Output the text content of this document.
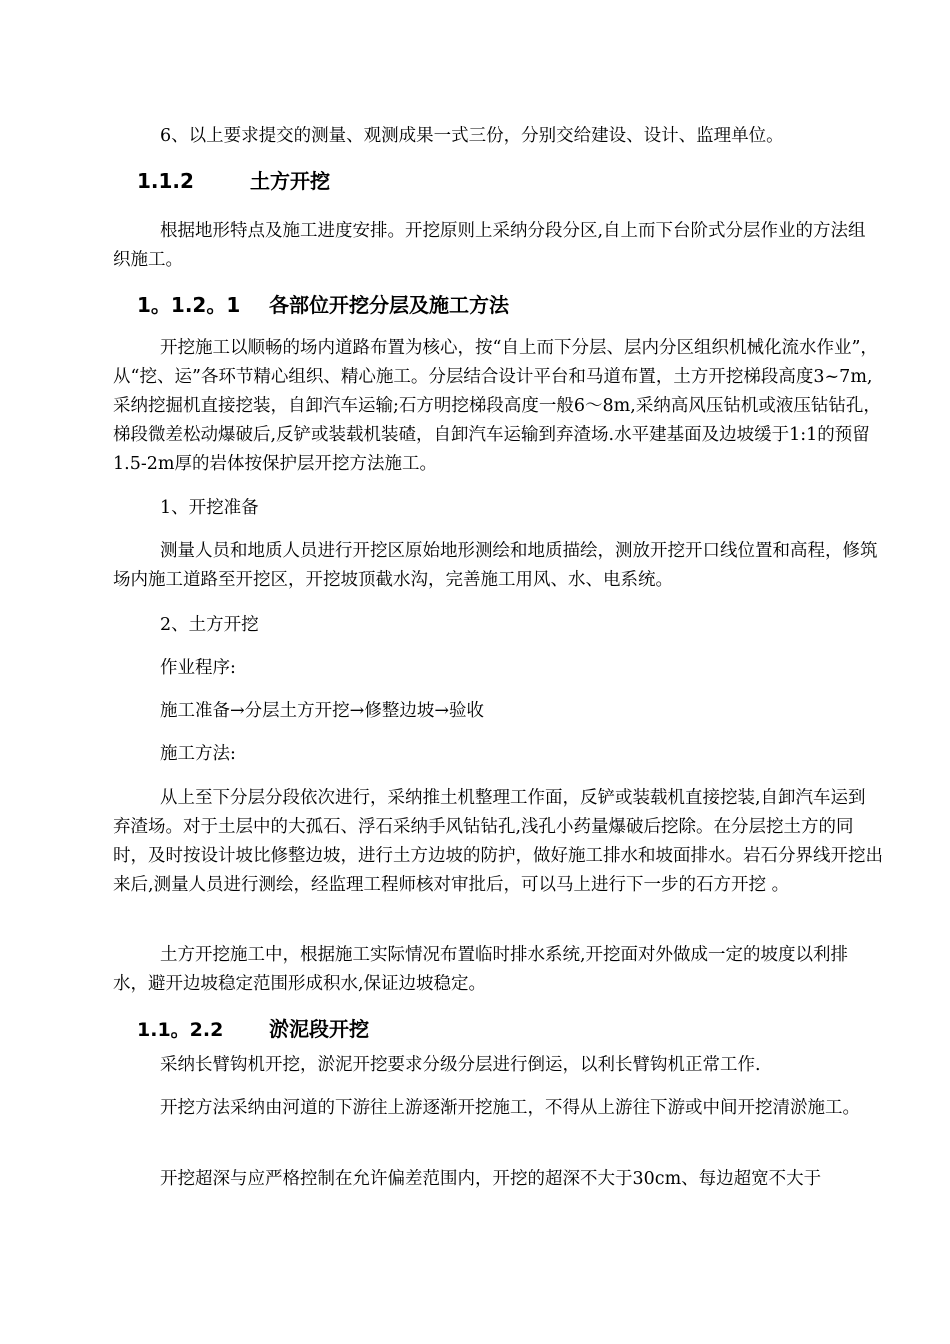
6、以上要求提交的测量、观测成果一式三份，分别交给建设、设计、监理单位。

1.1.2	土方开挖

根据地形特点及施工进度安排。开挖原则上采纳分段分区,自上而下台阶式分层作业的方法组织施工。

1。1.2。1 各部位开挖分层及施工方法

开挖施工以顺畅的场内道路布置为核心，按“自上而下分层、层内分区组织机械化流水作业”，从“挖、运”各环节精心组织、精心施工。分层结合设计平台和马道布置，土方开挖梯段高度3~7m,采纳挖掘机直接挖装，自卸汽车运输;石方明挖梯段高度一般6～8m,采纳高风压钻机或液压钻钻孔，梯段微差松动爆破后,反铲或装载机装碴，自卸汽车运输到弃渣场.水平建基面及边坡缓于1:1的预留1.5-2m厚的岩体按保护层开挖方法施工。

1、开挖准备

测量人员和地质人员进行开挖区原始地形测绘和地质描绘，测放开挖开口线位置和高程，修筑场内施工道路至开挖区，开挖坡顶截水沟，完善施工用风、水、电系统。

2、土方开挖

作业程序:

施工准备→分层土方开挖→修整边坡→验收

施工方法:

从上至下分层分段依次进行，采纳推土机整理工作面，反铲或装载机直接挖装,自卸汽车运到弃渣场。对于土层中的大孤石、浮石采纳手风钻钻孔,浅孔小药量爆破后挖除。在分层挖土方的同时，及时按设计坡比修整边坡，进行土方边坡的防护，做好施工排水和坡面排水。岩石分界线开挖出来后,测量人员进行测绘，经监理工程师核对审批后，可以马上进行下一步的石方开挖 。

土方开挖施工中，根据施工实际情况布置临时排水系统,开挖面对外做成一定的坡度以利排水，避开边坡稳定范围形成积水,保证边坡稳定。

1.1。2.2 淤泥段开挖

采纳长臂钩机开挖，淤泥开挖要求分级分层进行倒运，以利长臂钩机正常工作.

开挖方法采纳由河道的下游往上游逐渐开挖施工，不得从上游往下游或中间开挖清淤施工。

开挖超深与应严格控制在允许偏差范围内，开挖的超深不大于30cm、每边超宽不大于
